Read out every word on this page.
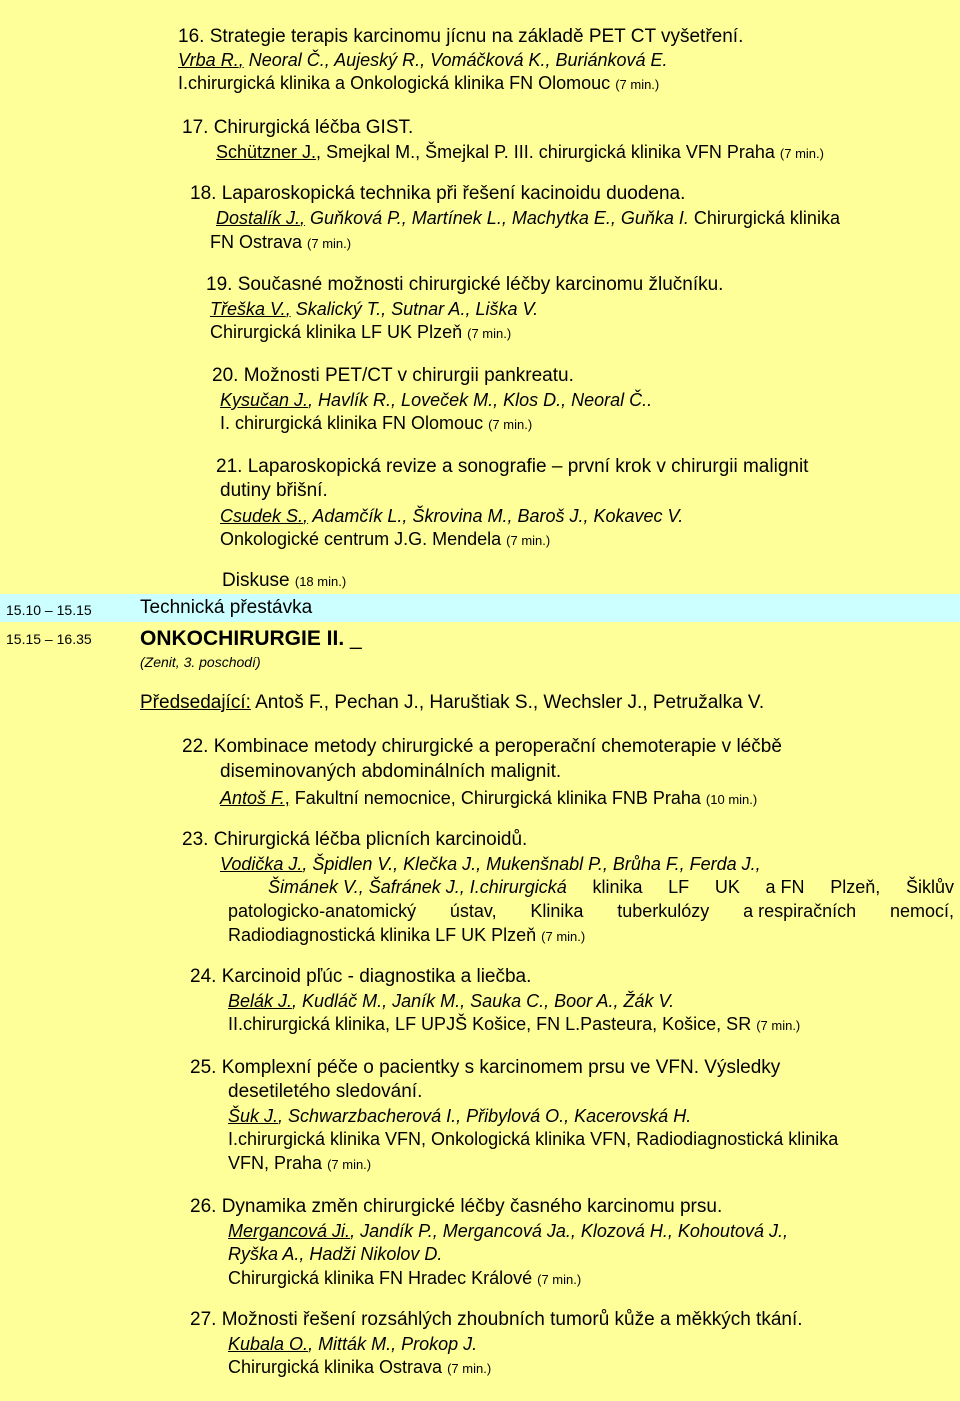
16. Strategie terapis karcinomu jícnu na základě PET CT vyšetření.
Vrba R., Neoral Č., Aujeský R., Vomáčková K., Buriánková E.
I.chirurgická klinika a Onkologická klinika FN Olomouc (7 min.)
17. Chirurgická léčba GIST.
Schützner J., Smejkal M., Šmejkal P. III. chirurgická klinika VFN Praha (7 min.)
18. Laparoskopická technika při řešení kacinoidu duodena.
Dostalík J., Guňková P., Martínek L., Machytka E., Guňka I. Chirurgická klinika
FN Ostrava (7 min.)
19. Současné možnosti chirurgické léčby karcinomu žlučníku.
Třeška V., Skalický T., Sutnar A., Liška V.
Chirurgická klinika LF UK Plzeň (7 min.)
20. Možnosti PET/CT v chirurgii pankreatu.
Kysučan J., Havlík R., Loveček M., Klos D., Neoral Č..
I. chirurgická klinika FN Olomouc (7 min.)
21. Laparoskopická revize a sonografie – první krok v chirurgii malignit
dutiny břišní.
Csudek S., Adamčík L., Škrovina M., Baroš J., Kokavec V.
Onkologické centrum J.G. Mendela (7 min.)
Diskuse (18 min.)
15.10 – 15.15	Technická přestávka
15.15 – 16.35 ONKOCHIRURGIE II. _
(Zenit, 3. poschodí)
Předsedající: Antoš F., Pechan J., Haruštiak S., Wechsler J., Petružalka V.
22. Kombinace metody chirurgické a peroperační chemoterapie v léčbě
diseminovaných abdominálních malignit.
Antoš F., Fakultní nemocnice, Chirurgická klinika FNB Praha (10 min.)
23. Chirurgická léčba plicních karcinoidů.
Vodička J., Špidlen V., Klečka J., Mukenšnabl P., Brůha F., Ferda J.,
Šimánek V., Šafránek J., I.chirurgická klinika LF UK a FN Plzeň, Šiklův
patologicko-anatomický ústav, Klinika tuberkulózy a respiračních nemocí,
Radiodiagnostická klinika LF UK Plzeň (7 min.)
24. Karcinoid pľúc - diagnostika a liečba.
Belák J., Kudláč M., Janík M., Sauka C., Boor A., Žák V.
II.chirurgická klinika, LF UPJŠ Košice, FN L.Pasteura, Košice, SR (7 min.)
25. Komplexní péče o pacientky s karcinomem prsu ve VFN. Výsledky
desetiletého sledování.
Šuk J., Schwarzbacherová I., Přibylová O., Kacerovská H.
I.chirurgická klinika VFN, Onkologická klinika VFN, Radiodiagnostická klinika
VFN, Praha (7 min.)
26. Dynamika změn chirurgické léčby časného karcinomu prsu.
Mergancová Ji., Jandík P., Mergancová Ja., Klozová H., Kohoutová J.,
Ryška A., Hadži Nikolov D.
Chirurgická klinika FN Hradec Králové (7 min.)
27. Možnosti řešení rozsáhlých zhoubních tumorů kůže a měkkých tkání.
Kubala O., Mitták M., Prokop J.
Chirurgická klinika Ostrava (7 min.)
